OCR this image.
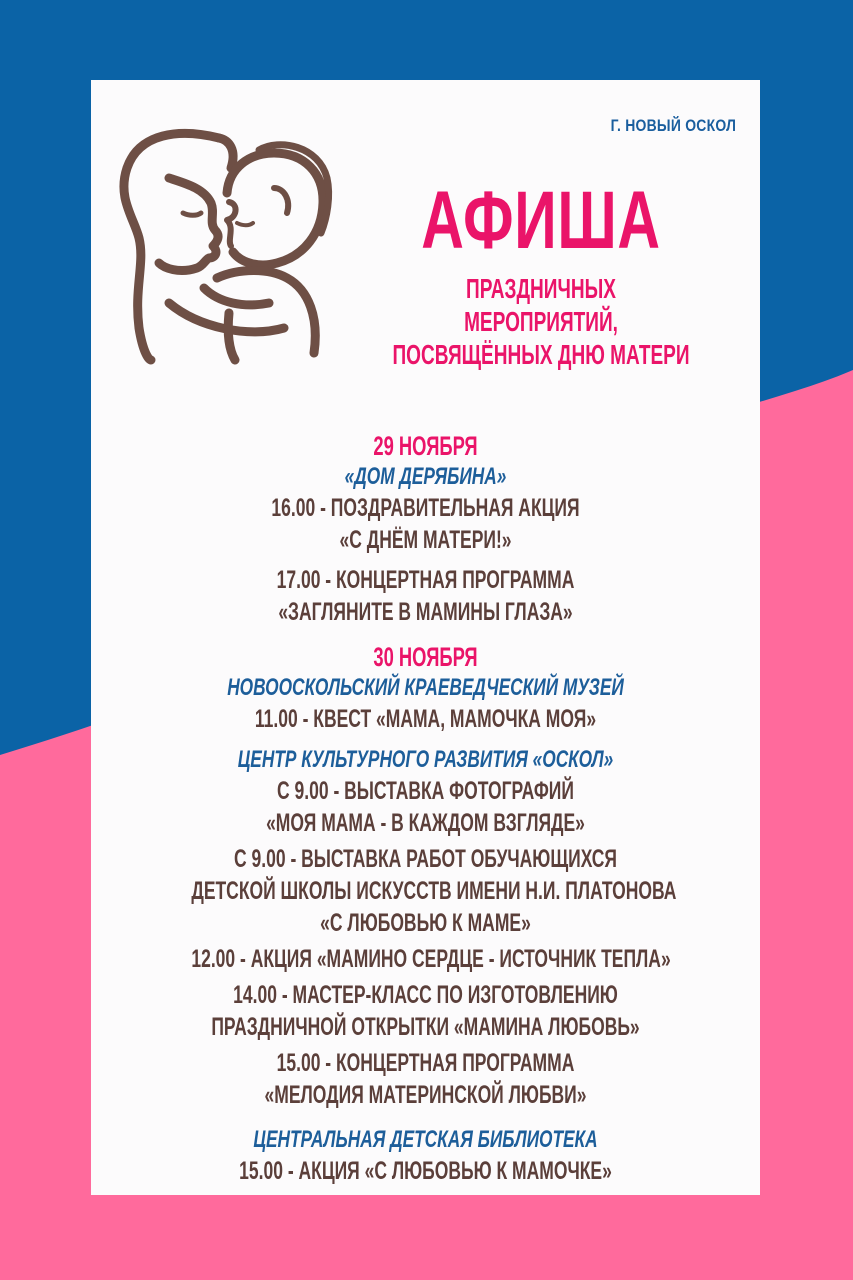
Г. НОВЫЙ ОСКОЛ
АФИША
ПРАЗДНИЧНЫХ МЕРОПРИЯТИЙ,
ПОСВЯЩЁННЫХ ДНЮ МАТЕРИ
29 НОЯБРЯ
«ДОМ ДЕРЯБИНА»
16.00 - ПОЗДРАВИТЕЛЬНАЯ АКЦИЯ
«С ДНЁМ МАТЕРИ!»
17.00 - КОНЦЕРТНАЯ ПРОГРАММА
«ЗАГЛЯНИТЕ В МАМИНЫ ГЛАЗА»
30 НОЯБРЯ
НОВООСКОЛЬСКИЙ КРАЕВЕДЧЕСКИЙ МУЗЕЙ
11.00 - КВЕСТ «МАМА, МАМОЧКА МОЯ»
ЦЕНТР КУЛЬТУРНОГО РАЗВИТИЯ «ОСКОЛ»
С 9.00 - ВЫСТАВКА ФОТОГРАФИЙ
«МОЯ МАМА - В КАЖДОМ ВЗГЛЯДЕ»
С 9.00 - ВЫСТАВКА РАБОТ ОБУЧАЮЩИХСЯ
ДЕТСКОЙ ШКОЛЫ ИСКУССТВ ИМЕНИ Н.И. ПЛАТОНОВА
«С ЛЮБОВЬЮ К МАМЕ»
12.00 - АКЦИЯ «МАМИНО СЕРДЦЕ - ИСТОЧНИК ТЕПЛА»
14.00 - МАСТЕР-КЛАСС ПО ИЗГОТОВЛЕНИЮ
ПРАЗДНИЧНОЙ ОТКРЫТКИ «МАМИНА ЛЮБОВЬ»
15.00 - КОНЦЕРТНАЯ ПРОГРАММА
«МЕЛОДИЯ МАТЕРИНСКОЙ ЛЮБВИ»
ЦЕНТРАЛЬНАЯ ДЕТСКАЯ БИБЛИОТЕКА
15.00 - АКЦИЯ «С ЛЮБОВЬЮ К МАМОЧКЕ»
